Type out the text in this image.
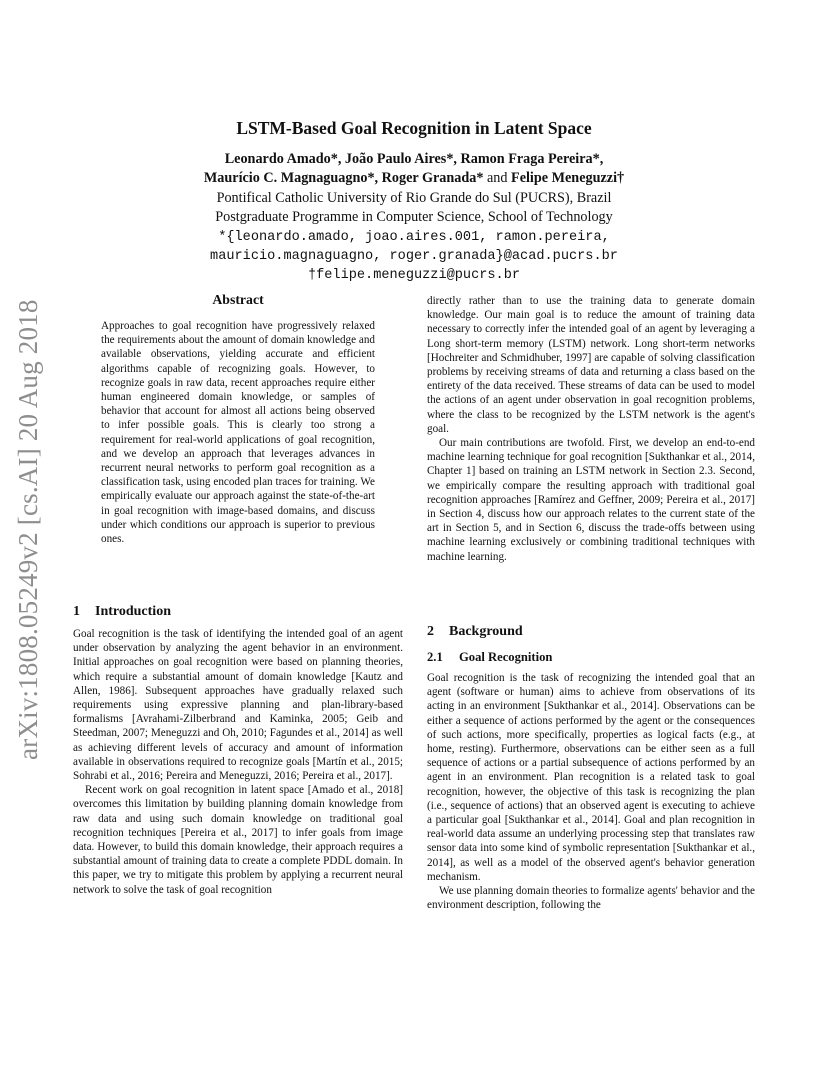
arXiv:1808.05249v2 [cs.AI] 20 Aug 2018
LSTM-Based Goal Recognition in Latent Space
Leonardo Amado*, João Paulo Aires*, Ramon Fraga Pereira*,
Maurício C. Magnaguagno*, Roger Granada* and Felipe Meneguzzi†
Pontifical Catholic University of Rio Grande do Sul (PUCRS), Brazil
Postgraduate Programme in Computer Science, School of Technology
*{leonardo.amado, joao.aires.001, ramon.pereira,
mauricio.magnaguagno, roger.granada}@acad.pucrs.br
†felipe.meneguzzi@pucrs.br
Abstract
Approaches to goal recognition have progressively relaxed the requirements about the amount of domain knowledge and available observations, yielding accurate and efficient algorithms capable of recognizing goals. However, to recognize goals in raw data, recent approaches require either human engineered domain knowledge, or samples of behavior that account for almost all actions being observed to infer possible goals. This is clearly too strong a requirement for real-world applications of goal recognition, and we develop an approach that leverages advances in recurrent neural networks to perform goal recognition as a classification task, using encoded plan traces for training. We empirically evaluate our approach against the state-of-the-art in goal recognition with image-based domains, and discuss under which conditions our approach is superior to previous ones.
1 Introduction

Goal recognition is the task of identifying the intended goal of an agent under observation by analyzing the agent behavior in an environment. Initial approaches on goal recognition were based on planning theories, which require a substantial amount of domain knowledge [Kautz and Allen, 1986]. Subsequent approaches have gradually relaxed such requirements using expressive planning and plan-library-based formalisms [Avrahami-Zilberbrand and Kaminka, 2005; Geib and Steedman, 2007; Meneguzzi and Oh, 2010; Fagundes et al., 2014] as well as achieving different levels of accuracy and amount of information available in observations required to recognize goals [Martín et al., 2015; Sohrabi et al., 2016; Pereira and Meneguzzi, 2016; Pereira et al., 2017].

Recent work on goal recognition in latent space [Amado et al., 2018] overcomes this limitation by building planning domain knowledge from raw data and using such domain knowledge on traditional goal recognition techniques [Pereira et al., 2017] to infer goals from image data. However, to build this domain knowledge, their approach requires a substantial amount of training data to create a complete PDDL domain. In this paper, we try to mitigate this problem by applying a recurrent neural network to solve the task of goal recognition

directly rather than to use the training data to generate domain knowledge. Our main goal is to reduce the amount of training data necessary to correctly infer the intended goal of an agent by leveraging a Long short-term memory (LSTM) network. Long short-term networks [Hochreiter and Schmidhuber, 1997] are capable of solving classification problems by receiving streams of data and returning a class based on the entirety of the data received. These streams of data can be used to model the actions of an agent under observation in goal recognition problems, where the class to be recognized by the LSTM network is the agent's goal.

Our main contributions are twofold. First, we develop an end-to-end machine learning technique for goal recognition [Sukthankar et al., 2014, Chapter 1] based on training an LSTM network in Section 2.3. Second, we empirically compare the resulting approach with traditional goal recognition approaches [Ramírez and Geffner, 2009; Pereira et al., 2017] in Section 4, discuss how our approach relates to the current state of the art in Section 5, and in Section 6, discuss the trade-offs between using machine learning exclusively or combining traditional techniques with machine learning.

2 Background
2.1 Goal Recognition

Goal recognition is the task of recognizing the intended goal that an agent (software or human) aims to achieve from observations of its acting in an environment [Sukthankar et al., 2014]. Observations can be either a sequence of actions performed by the agent or the consequences of such actions, more specifically, properties as logical facts (e.g., at home, resting). Furthermore, observations can be either seen as a full sequence of actions or a partial subsequence of actions performed by an agent in an environment. Plan recognition is a related task to goal recognition, however, the objective of this task is recognizing the plan (i.e., sequence of actions) that an observed agent is executing to achieve a particular goal [Sukthankar et al., 2014]. Goal and plan recognition in real-world data assume an underlying processing step that translates raw sensor data into some kind of symbolic representation [Sukthankar et al., 2014], as well as a model of the observed agent's behavior generation mechanism.

We use planning domain theories to formalize agents' behavior and the environment description, following the
